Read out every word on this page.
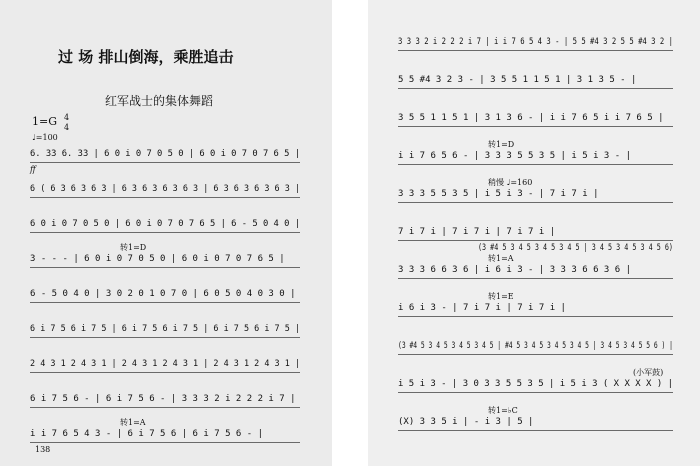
过 场 排山倒海，乘胜追击
红军战士的集体舞蹈
1=G 4
4
♩=100
ff
138
6. 33 6. 33 | 6 0 i 0 7 0 5 0 | 6 0 i 0 7 0 7 6 5 |
6 ( 6 3 6 3 6 3 | 6 3 6 3 6 3 6 3 | 6 3 6 3 6 3 6 3 |
6 0 i 0 7 0 5 0 | 6 0 i 0 7 0 7 6 5 | 6 - 5 0 4 0 |
3 - - - | 6 0 i 0 7 0 5 0 | 6 0 i 0 7 0 7 6 5 |
6 - 5 0 4 0 | 3 0 2 0 1 0 7 0 | 6 0 5 0 4 0 3 0 |
6 i 7 5 6 i 7 5 | 6 i 7 5 6 i 7 5 | 6 i 7 5 6 i 7 5 |
2 4 3 1 2 4 3 1 | 2 4 3 1 2 4 3 1 | 2 4 3 1 2 4 3 1 |
6 i 7 5 6 - | 6 i 7 5 6 - | 3 3 3 2 i 2 2 2 i 7 |
i i 7 6 5 4 3 - | 6 i 7 5 6 | 6 i 7 5 6 - |
转1=D
转1=A
3 3 3 2 i 2 2 2 i 7 | i i 7 6 5 4 3 - | 5 5 #4 3 2 5 5 #4 3 2 |
5 5 #4 3 2 3 - | 3 5 5 1 1 5 1 | 3 1 3 5 - |
3 5 5 1 1 5 1 | 3 1 3 6 - | i i 7 6 5 i i 7 6 5 |
i i 7 6 5 6 - | 3 3 3 5 5 3 5 | i 5 i 3 - |
3 3 3 5 5 3 5 | i 5 i 3 - | 7 i 7 i |
7 i 7 i | 7 i 7 i | 7 i 7 i |
3 3 3 6 6 3 6 | i 6 i 3 - | 3 3 3 6 6 3 6 |
i 6 i 3 - | 7 i 7 i | 7 i 7 i |
(3 #4 5 3 4 5 3 4 5 3 4 5 | #4 5 3 4 5 3 4 5 3 4 5 | 3 4 5 3 4 5 5 6 ) |
i 5 i 3 - | 3 0 3 3 5 5 3 5 | i 5 i 3 ( X X X X ) |
(X) 3 3 5 i | - i 3 | 5 |
转1=D
稍慢 ♩=160
转1=A
转1=E
(小军鼓)
转1=♭C
(3 #4 5 3 4 5 3 4 5 3 4 5 | 3 4 5 3 4 5 3 4 5 6)
